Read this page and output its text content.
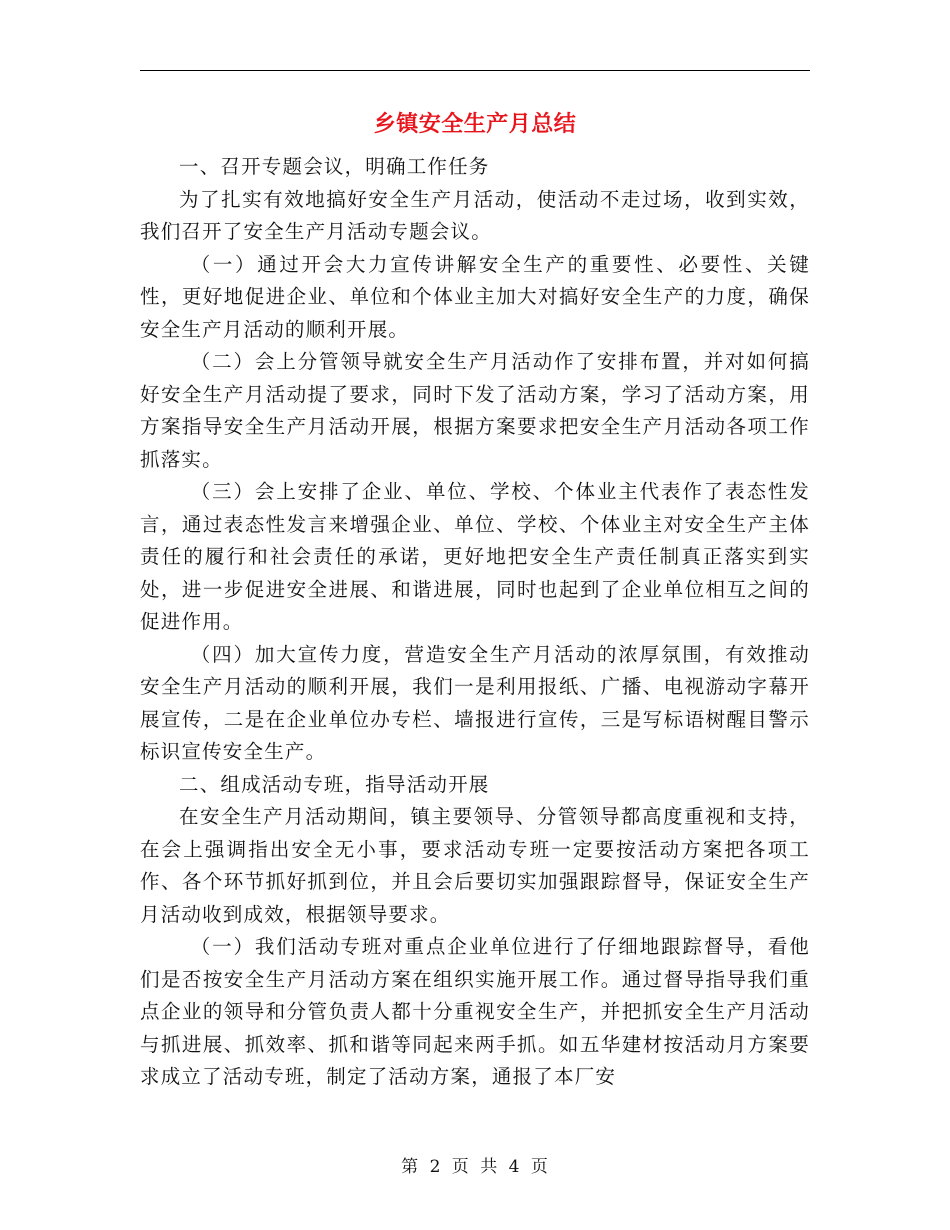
乡镇安全生产月总结

一、召开专题会议，明确工作任务

为了扎实有效地搞好安全生产月活动，使活动不走过场，收到实效，我们召开了安全生产月活动专题会议。

（一）通过开会大力宣传讲解安全生产的重要性、必要性、关键性，更好地促进企业、单位和个体业主加大对搞好安全生产的力度，确保安全生产月活动的顺利开展。

（二）会上分管领导就安全生产月活动作了安排布置，并对如何搞好安全生产月活动提了要求，同时下发了活动方案，学习了活动方案，用方案指导安全生产月活动开展，根据方案要求把安全生产月活动各项工作抓落实。

（三）会上安排了企业、单位、学校、个体业主代表作了表态性发言，通过表态性发言来增强企业、单位、学校、个体业主对安全生产主体责任的履行和社会责任的承诺，更好地把安全生产责任制真正落实到实处，进一步促进安全进展、和谐进展，同时也起到了企业单位相互之间的促进作用。

（四）加大宣传力度，营造安全生产月活动的浓厚氛围，有效推动安全生产月活动的顺利开展，我们一是利用报纸、广播、电视游动字幕开展宣传，二是在企业单位办专栏、墙报进行宣传，三是写标语树醒目警示标识宣传安全生产。

二、组成活动专班，指导活动开展

在安全生产月活动期间，镇主要领导、分管领导都高度重视和支持，在会上强调指出安全无小事，要求活动专班一定要按活动方案把各项工作、各个环节抓好抓到位，并且会后要切实加强跟踪督导，保证安全生产月活动收到成效，根据领导要求。

（一）我们活动专班对重点企业单位进行了仔细地跟踪督导，看他们是否按安全生产月活动方案在组织实施开展工作。通过督导指导我们重点企业的领导和分管负责人都十分重视安全生产，并把抓安全生产月活动与抓进展、抓效率、抓和谐等同起来两手抓。如五华建材按活动月方案要求成立了活动专班，制定了活动方案，通报了本厂安

第 2 页 共 4 页
